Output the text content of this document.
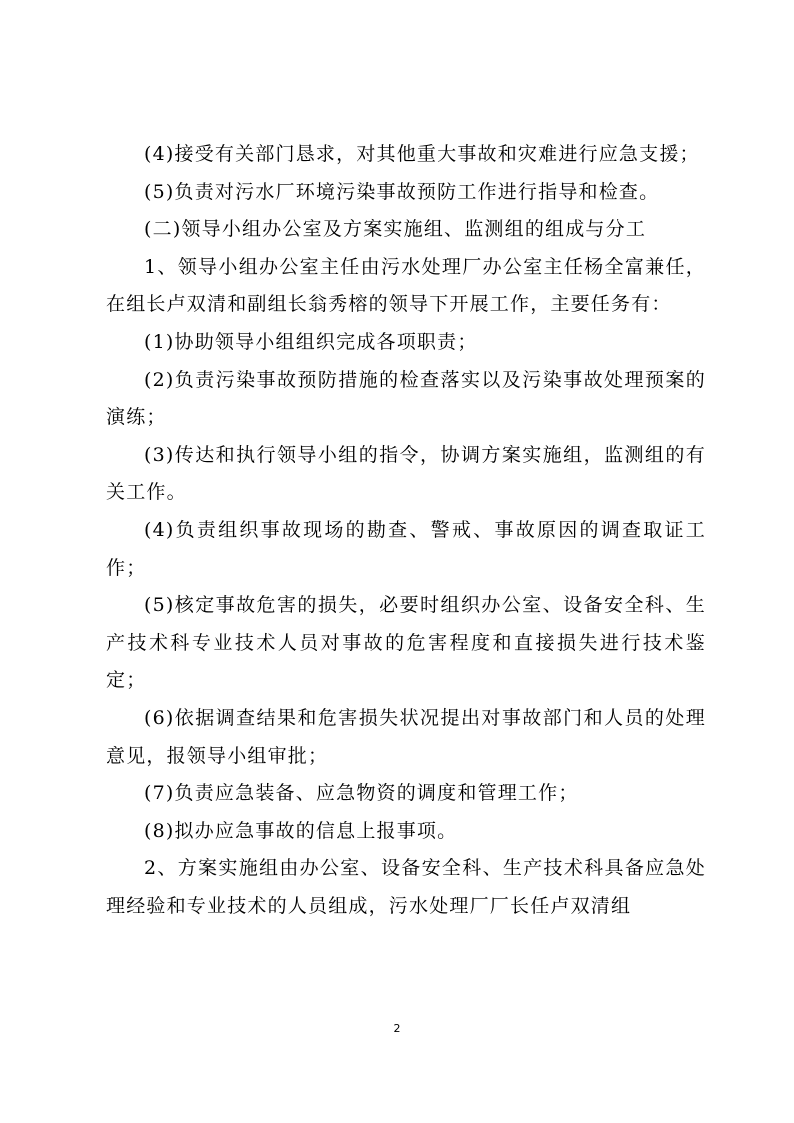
(4)接受有关部门恳求，对其他重大事故和灾难进行应急支援；

(5)负责对污水厂环境污染事故预防工作进行指导和检查。

(二)领导小组办公室及方案实施组、监测组的组成与分工

1、领导小组办公室主任由污水处理厂办公室主任杨全富兼任，在组长卢双清和副组长翁秀榕的领导下开展工作，主要任务有：

(1)协助领导小组组织完成各项职责；

(2)负责污染事故预防措施的检查落实以及污染事故处理预案的演练；

(3)传达和执行领导小组的指令，协调方案实施组，监测组的有关工作。

(4)负责组织事故现场的勘查、警戒、事故原因的调查取证工作；

(5)核定事故危害的损失，必要时组织办公室、设备安全科、生产技术科专业技术人员对事故的危害程度和直接损失进行技术鉴定；

(6)依据调查结果和危害损失状况提出对事故部门和人员的处理意见，报领导小组审批；

(7)负责应急装备、应急物资的调度和管理工作；

(8)拟办应急事故的信息上报事项。

2、方案实施组由办公室、设备安全科、生产技术科具备应急处理经验和专业技术的人员组成，污水处理厂厂长任卢双清组

2
